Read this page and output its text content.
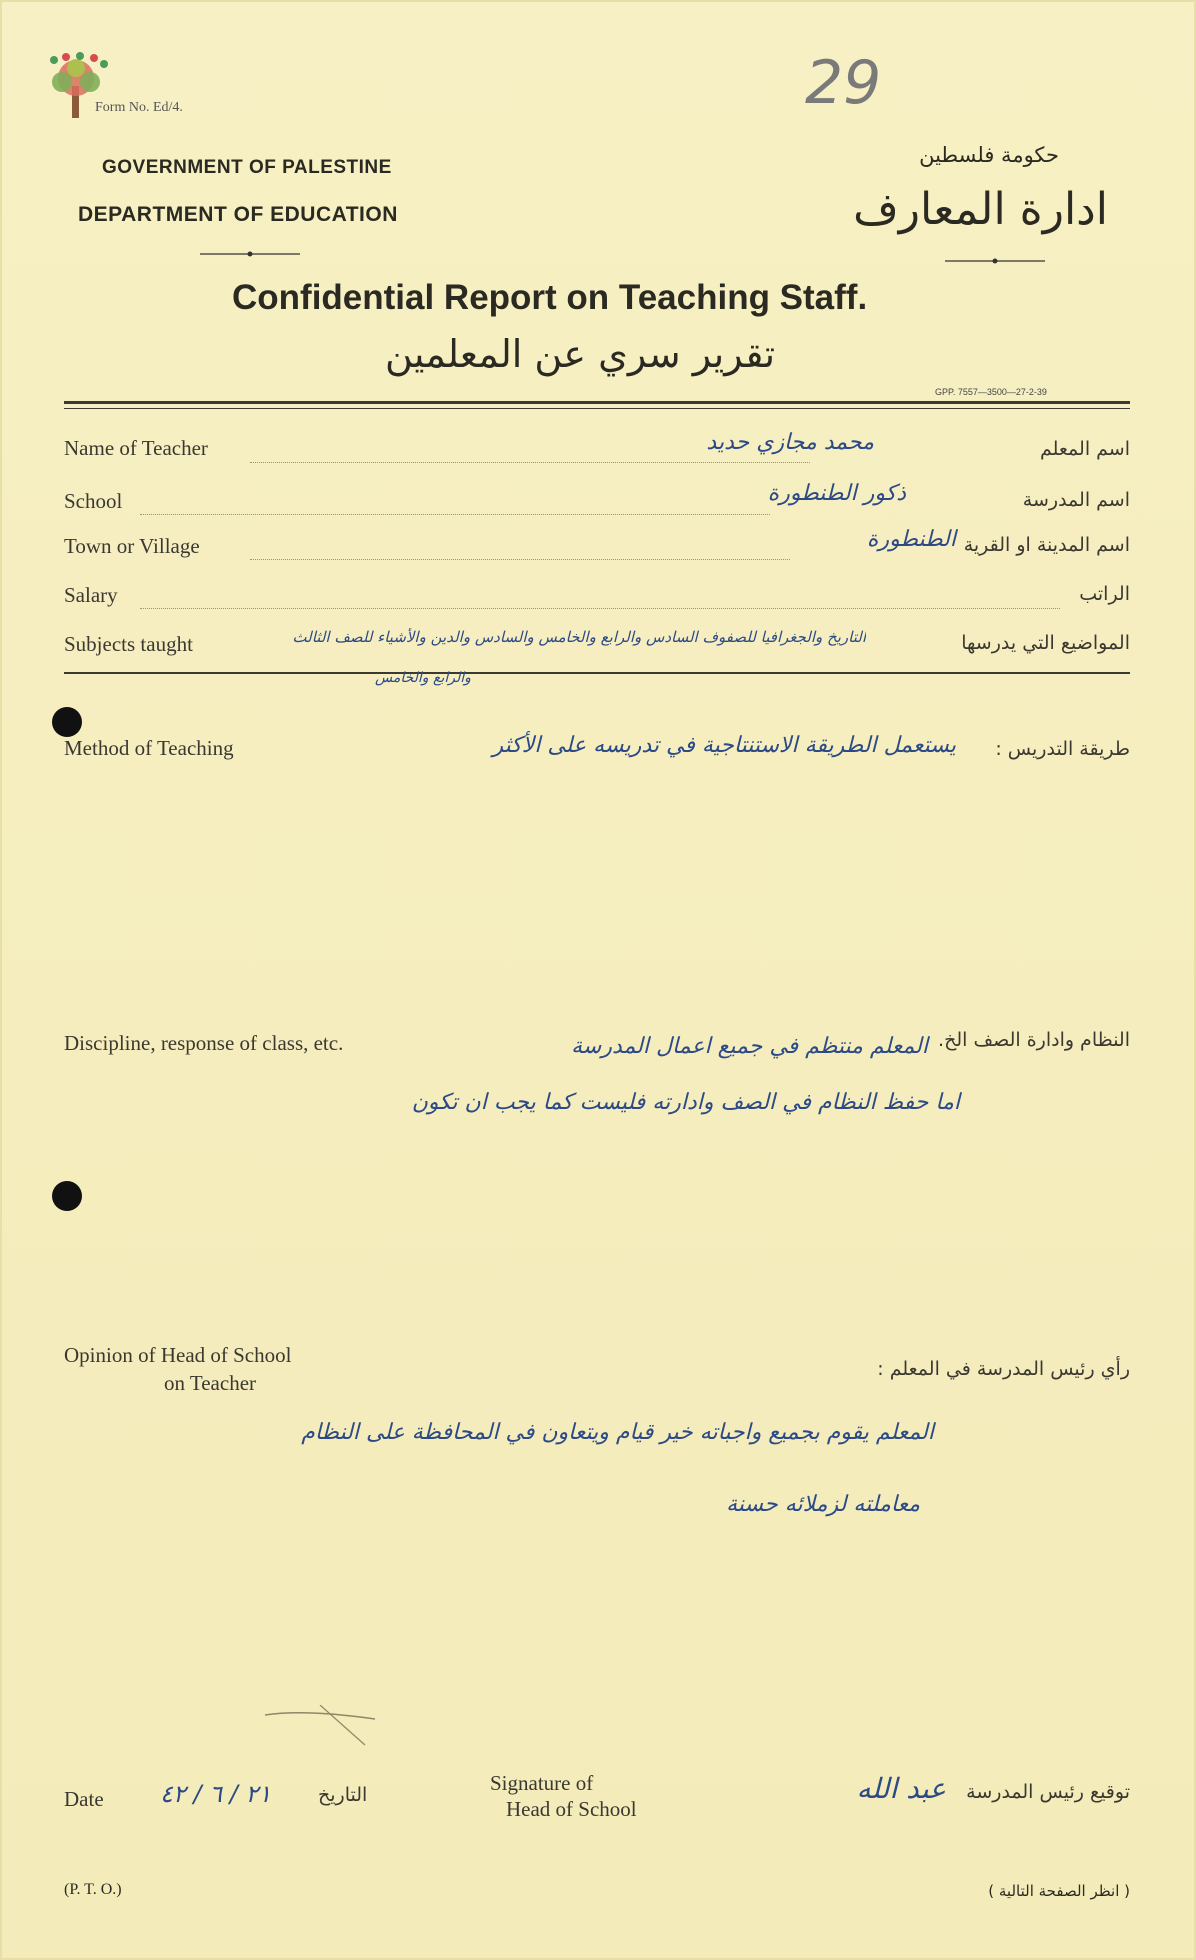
29
Form No. Ed/4.
GOVERNMENT OF PALESTINE
DEPARTMENT OF EDUCATION
حكومة فلسطين
ادارة المعارف
Confidential Report on Teaching Staff.
تقرير سري عن المعلمين
GPP. 7557—3500—27-2-39
Name of Teacher	محمد مجازي حديد	اسم المعلم
School	ذكور الطنطورة	اسم المدرسة
Town or Village	الطنطورة اسم المدينة او القرية
Salary	الراتب
Subjects taught	التاريخ والجغرافيا للصفوف السادس والرابع والخامس والسادس والدين والأشياء للصف الثالث	المواضيع التي يدرسها
والرابع والخامس
Method of Teaching	طريقة التدريس :
يستعمل الطريقة الاستنتاجية في تدريسه على الأكثر
Discipline, response of class, etc.	النظام وادارة الصف الخ.
المعلم منتظم في جميع اعمال المدرسة
اما حفظ النظام في الصف وادارته فليست كما يجب ان تكون
Opinion of Head of School
on Teacher
رأي رئيس المدرسة في المعلم :
المعلم يقوم بجميع واجباته خير قيام ويتعاون في المحافظة على النظام
معاملته لزملائه حسنة
Date ٢١ / ٦ / ٤٢ التاريخ	Signature of
Head of School
عبد الله توقيع رئيس المدرسة
(P. T. O.)	( انظر الصفحة التالية )
